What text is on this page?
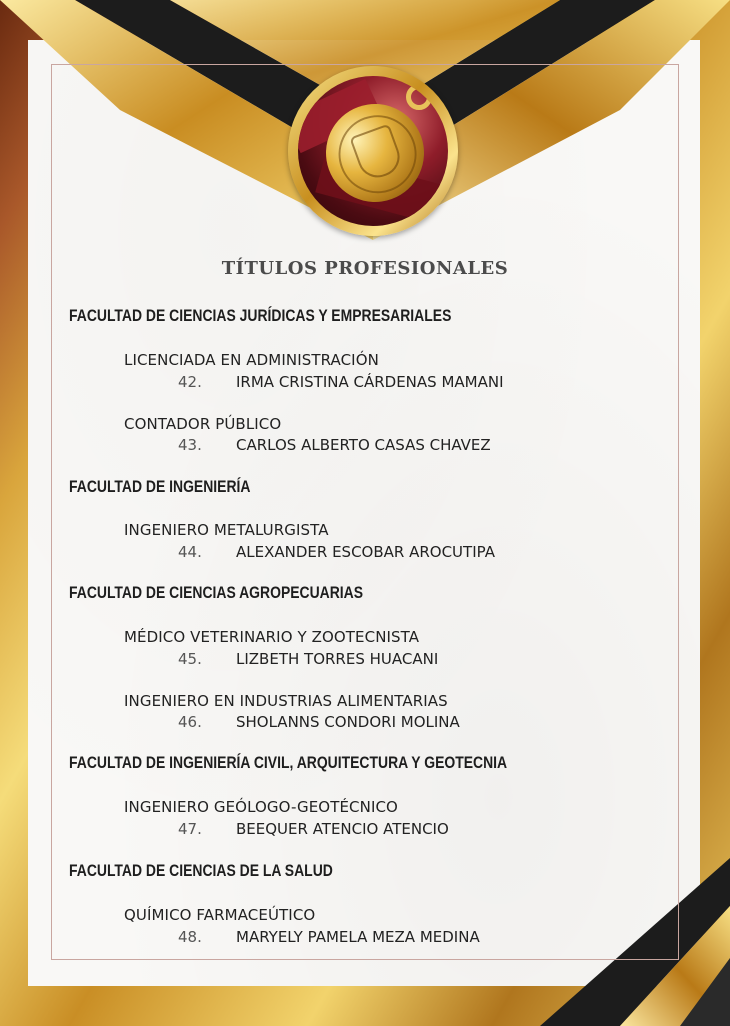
TÍTULOS PROFESIONALES
FACULTAD DE CIENCIAS JURÍDICAS Y EMPRESARIALES
LICENCIADA EN ADMINISTRACIÓN
42. IRMA CRISTINA CÁRDENAS MAMANI
CONTADOR PÚBLICO
43. CARLOS ALBERTO CASAS CHAVEZ
FACULTAD DE INGENIERÍA
INGENIERO METALURGISTA
44. ALEXANDER ESCOBAR AROCUTIPA
FACULTAD DE CIENCIAS AGROPECUARIAS
MÉDICO VETERINARIO Y ZOOTECNISTA
45. LIZBETH TORRES HUACANI
INGENIERO EN INDUSTRIAS ALIMENTARIAS
46. SHOLANNS CONDORI MOLINA
FACULTAD DE INGENIERÍA CIVIL, ARQUITECTURA Y GEOTECNIA
INGENIERO GEÓLOGO-GEOTÉCNICO
47. BEEQUER ATENCIO ATENCIO
FACULTAD DE CIENCIAS DE LA SALUD
QUÍMICO FARMACEÚTICO
48. MARYELY PAMELA MEZA MEDINA
